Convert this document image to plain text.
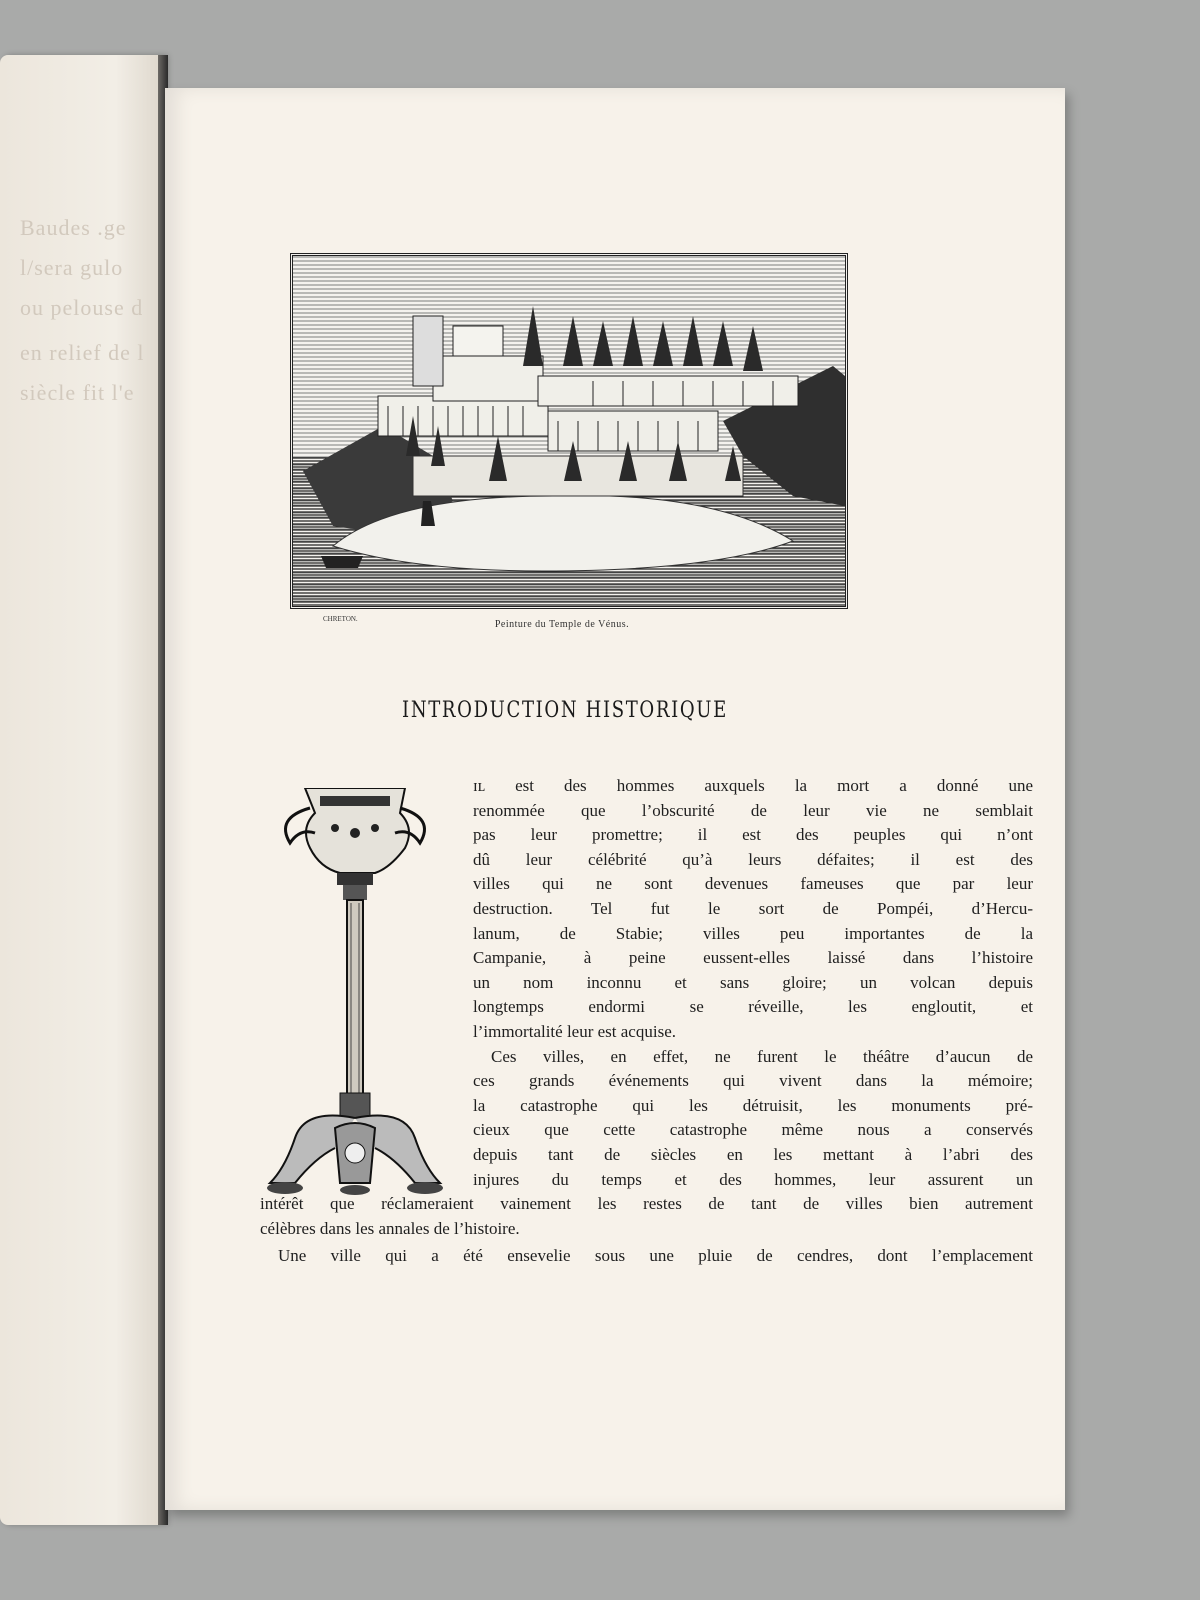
Baudes .ge
l/sera gulo
ou pelouse d
en relief de l
siècle fit l'e
CHRETON.	Peinture du Temple de Vénus.
INTRODUCTION HISTORIQUE

ɪʟ est des hommes auxquels la mort a donné une

renommée que l’obscurité de leur vie ne semblait

pas leur promettre; il est des peuples qui n’ont

dû leur célébrité qu’à leurs défaites; il est des

villes qui ne sont devenues fameuses que par leur

destruction. Tel fut le sort de Pompéi, d’Hercu-

lanum, de Stabie; villes peu importantes de la

Campanie, à peine eussent-elles laissé dans l’histoire

un nom inconnu et sans gloire; un volcan depuis

longtemps endormi se réveille, les engloutit, et

l’immortalité leur est acquise.

Ces villes, en effet, ne furent le théâtre d’aucun de

ces grands événements qui vivent dans la mémoire;

la catastrophe qui les détruisit, les monuments pré-

cieux que cette catastrophe même nous a conservés

depuis tant de siècles en les mettant à l’abri des

injures du temps et des hommes, leur assurent un

intérêt que réclameraient vainement les restes de tant de villes bien autrement

célèbres dans les annales de l’histoire.

Une ville qui a été ensevelie sous une pluie de cendres, dont l’emplacement
